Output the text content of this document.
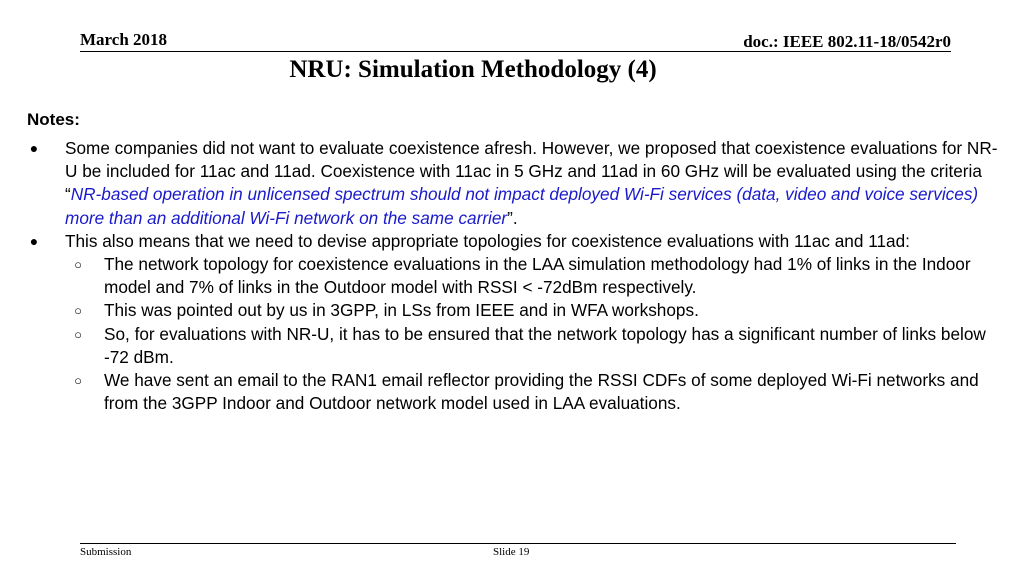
March 2018	doc.: IEEE 802.11-18/0542r0
NRU: Simulation Methodology (4)
Notes:
● Some companies did not want to evaluate coexistence afresh. However, we proposed that coexistence evaluations for NR-U be included for 11ac and 11ad. Coexistence with 11ac in 5 GHz and 11ad in 60 GHz will be evaluated using the criteria “NR-based operation in unlicensed spectrum should not impact deployed Wi-Fi services (data, video and voice services) more than an additional Wi-Fi network on the same carrier”.
● This also means that we need to devise appropriate topologies for coexistence evaluations with 11ac and 11ad:
○ The network topology for coexistence evaluations in the LAA simulation methodology had 1% of links in the Indoor model and 7% of links in the Outdoor model with RSSI < -72dBm respectively.
○ This was pointed out by us in 3GPP, in LSs from IEEE and in WFA workshops.
○ So, for evaluations with NR-U, it has to be ensured that the network topology has a significant number of links below -72 dBm.
○ We have sent an email to the RAN1 email reflector providing the RSSI CDFs of some deployed Wi-Fi networks and from the 3GPP Indoor and Outdoor network model used in LAA evaluations.
Submission	Slide 19
